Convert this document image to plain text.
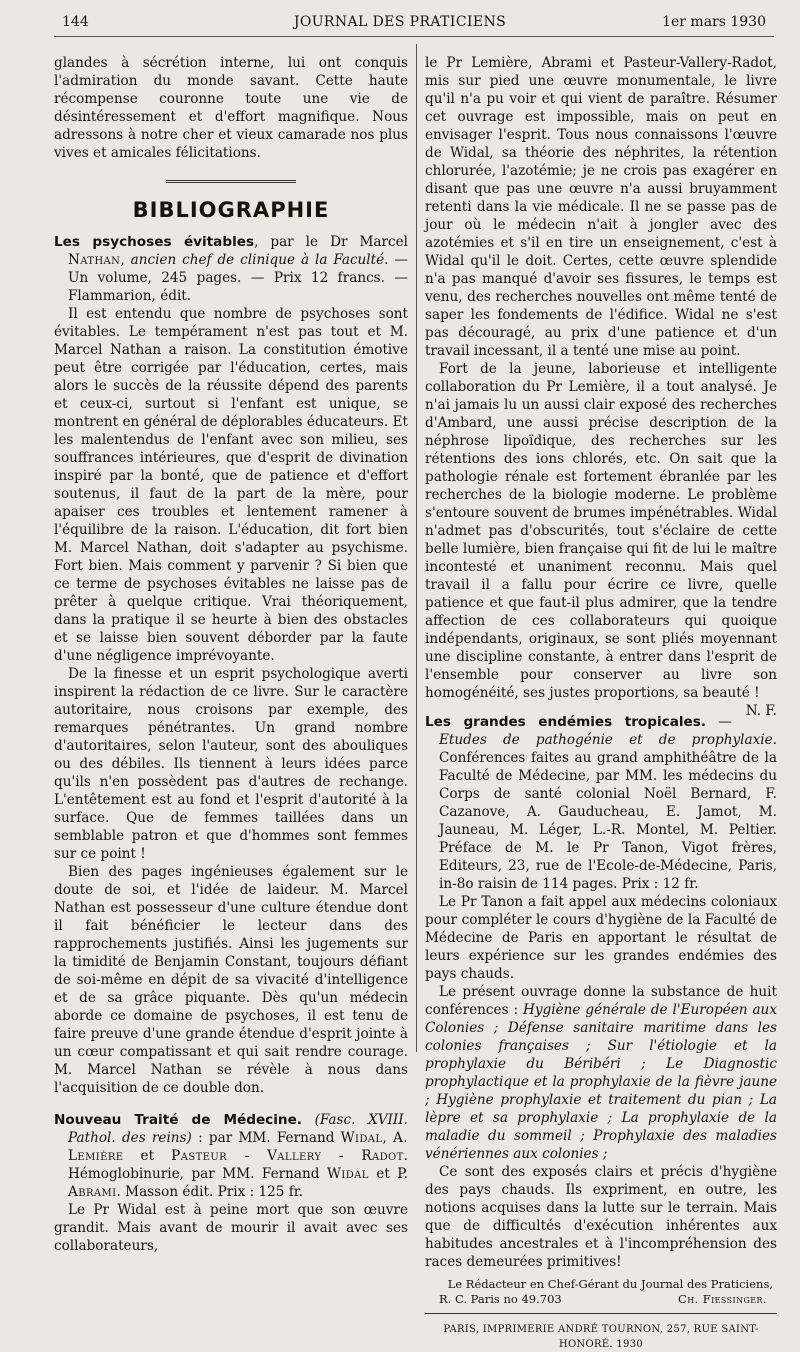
144	JOURNAL DES PRATICIENS	1er mars 1930

glandes à sécrétion interne, lui ont conquis l'admiration du monde savant. Cette haute récompense couronne toute une vie de désintéressement et d'effort magnifique. Nous adressons à notre cher et vieux camarade nos plus vives et amicales félicitations.

BIBLIOGRAPHIE

Les psychoses évitables, par le Dr Marcel Nathan, ancien chef de clinique à la Faculté. — Un volume, 245 pages. — Prix 12 francs. — Flammarion, édit.

Il est entendu que nombre de psychoses sont évitables. Le tempérament n'est pas tout et M. Marcel Nathan a raison. La constitution émotive peut être corrigée par l'éducation, certes, mais alors le succès de la réussite dépend des parents et ceux-ci, surtout si l'enfant est unique, se montrent en général de déplorables éducateurs. Et les malentendus de l'enfant avec son milieu, ses souffrances intérieures, que d'esprit de divination inspiré par la bonté, que de patience et d'effort soutenus, il faut de la part de la mère, pour apaiser ces troubles et lentement ramener à l'équilibre de la raison. L'éducation, dit fort bien M. Marcel Nathan, doit s'adapter au psychisme. Fort bien. Mais comment y parvenir ? Si bien que ce terme de psychoses évitables ne laisse pas de prêter à quelque critique. Vrai théoriquement, dans la pratique il se heurte à bien des obstacles et se laisse bien souvent déborder par la faute d'une négligence imprévoyante.

De la finesse et un esprit psychologique averti inspirent la rédaction de ce livre. Sur le caractère autoritaire, nous croisons par exemple, des remarques pénétrantes. Un grand nombre d'autoritaires, selon l'auteur, sont des abouliques ou des débiles. Ils tiennent à leurs idées parce qu'ils n'en possèdent pas d'autres de rechange. L'entêtement est au fond et l'esprit d'autorité à la surface. Que de femmes taillées dans un semblable patron et que d'hommes sont femmes sur ce point !

Bien des pages ingénieuses également sur le doute de soi, et l'idée de laideur. M. Marcel Nathan est possesseur d'une culture étendue dont il fait bénéficier le lecteur dans des rapprochements justifiés. Ainsi les jugements sur la timidité de Benjamin Constant, toujours défiant de soi-même en dépit de sa vivacité d'intelligence et de sa grâce piquante. Dès qu'un médecin aborde ce domaine de psychoses, il est tenu de faire preuve d'une grande étendue d'esprit jointe à un cœur compatissant et qui sait rendre courage. M. Marcel Nathan se révèle à nous dans l'acquisition de ce double don.

Nouveau Traité de Médecine. (Fasc. XVIII. Pathol. des reins) : par MM. Fernand Widal, A. Lemière et Pasteur - Vallery - Radot. Hémoglobinurie, par MM. Fernand Widal et P. Abrami. Masson édit. Prix : 125 fr.

Le Pr Widal est à peine mort que son œuvre grandit. Mais avant de mourir il avait avec ses collaborateurs,

le Pr Lemière, Abrami et Pasteur-Vallery-Radot, mis sur pied une œuvre monumentale, le livre qu'il n'a pu voir et qui vient de paraître. Résumer cet ouvrage est impossible, mais on peut en envisager l'esprit. Tous nous connaissons l'œuvre de Widal, sa théorie des néphrites, la rétention chlorurée, l'azotémie; je ne crois pas exagérer en disant que pas une œuvre n'a aussi bruyamment retenti dans la vie médicale. Il ne se passe pas de jour où le médecin n'ait à jongler avec des azotémies et s'il en tire un enseignement, c'est à Widal qu'il le doit. Certes, cette œuvre splendide n'a pas manqué d'avoir ses fissures, le temps est venu, des recherches nouvelles ont même tenté de saper les fondements de l'édifice. Widal ne s'est pas découragé, au prix d'une patience et d'un travail incessant, il a tenté une mise au point.

Fort de la jeune, laborieuse et intelligente collaboration du Pr Lemière, il a tout analysé. Je n'ai jamais lu un aussi clair exposé des recherches d'Ambard, une aussi précise description de la néphrose lipoïdique, des recherches sur les rétentions des ions chlorés, etc. On sait que la pathologie rénale est fortement ébranlée par les recherches de la biologie moderne. Le problème s'entoure souvent de brumes impénétrables. Widal n'admet pas d'obscurités, tout s'éclaire de cette belle lumière, bien française qui fit de lui le maître incontesté et unaniment reconnu. Mais quel travail il a fallu pour écrire ce livre, quelle patience et que faut-il plus admirer, que la tendre affection de ces collaborateurs qui quoique indépendants, originaux, se sont pliés moyennant une discipline constante, à entrer dans l'esprit de l'ensemble pour conserver au livre son homogénéité, ses justes proportions, sa beauté !
N. F.

Les grandes endémies tropicales. — Etudes de pathogénie et de prophylaxie. Conférences faites au grand amphithéâtre de la Faculté de Médecine, par MM. les médecins du Corps de santé colonial Noël Bernard, F. Cazanove, A. Gauducheau, E. Jamot, M. Jauneau, M. Léger, L.-R. Montel, M. Peltier. Préface de M. le Pr Tanon, Vigot frères, Editeurs, 23, rue de l'Ecole-de-Médecine, Paris, in-8o raisin de 114 pages. Prix : 12 fr.

Le Pr Tanon a fait appel aux médecins coloniaux pour compléter le cours d'hygiène de la Faculté de Médecine de Paris en apportant le résultat de leurs expérience sur les grandes endémies des pays chauds.

Le présent ouvrage donne la substance de huit conférences : Hygiène générale de l'Européen aux Colonies ; Défense sanitaire maritime dans les colonies françaises ; Sur l'étiologie et la prophylaxie du Béribéri ; Le Diagnostic prophylactique et la prophylaxie de la fièvre jaune ; Hygiène prophylaxie et traitement du pian ; La lèpre et sa prophylaxie ; La prophylaxie de la maladie du sommeil ; Prophylaxie des maladies vénériennes aux colonies ;

Ce sont des exposés clairs et précis d'hygiène des pays chauds. Ils expriment, en outre, les notions acquises dans la lutte sur le terrain. Mais que de difficultés d'exécution inhérentes aux habitudes ancestrales et à l'incompréhension des races demeurées primitives!

Le Rédacteur en Chef-Gérant du Journal des Praticiens,
R. C. Paris no 49.703	Ch. Fiessinger.
PARIS, IMPRIMERIE ANDRÉ TOURNON, 257, RUE SAINT-HONORÉ. 1930
